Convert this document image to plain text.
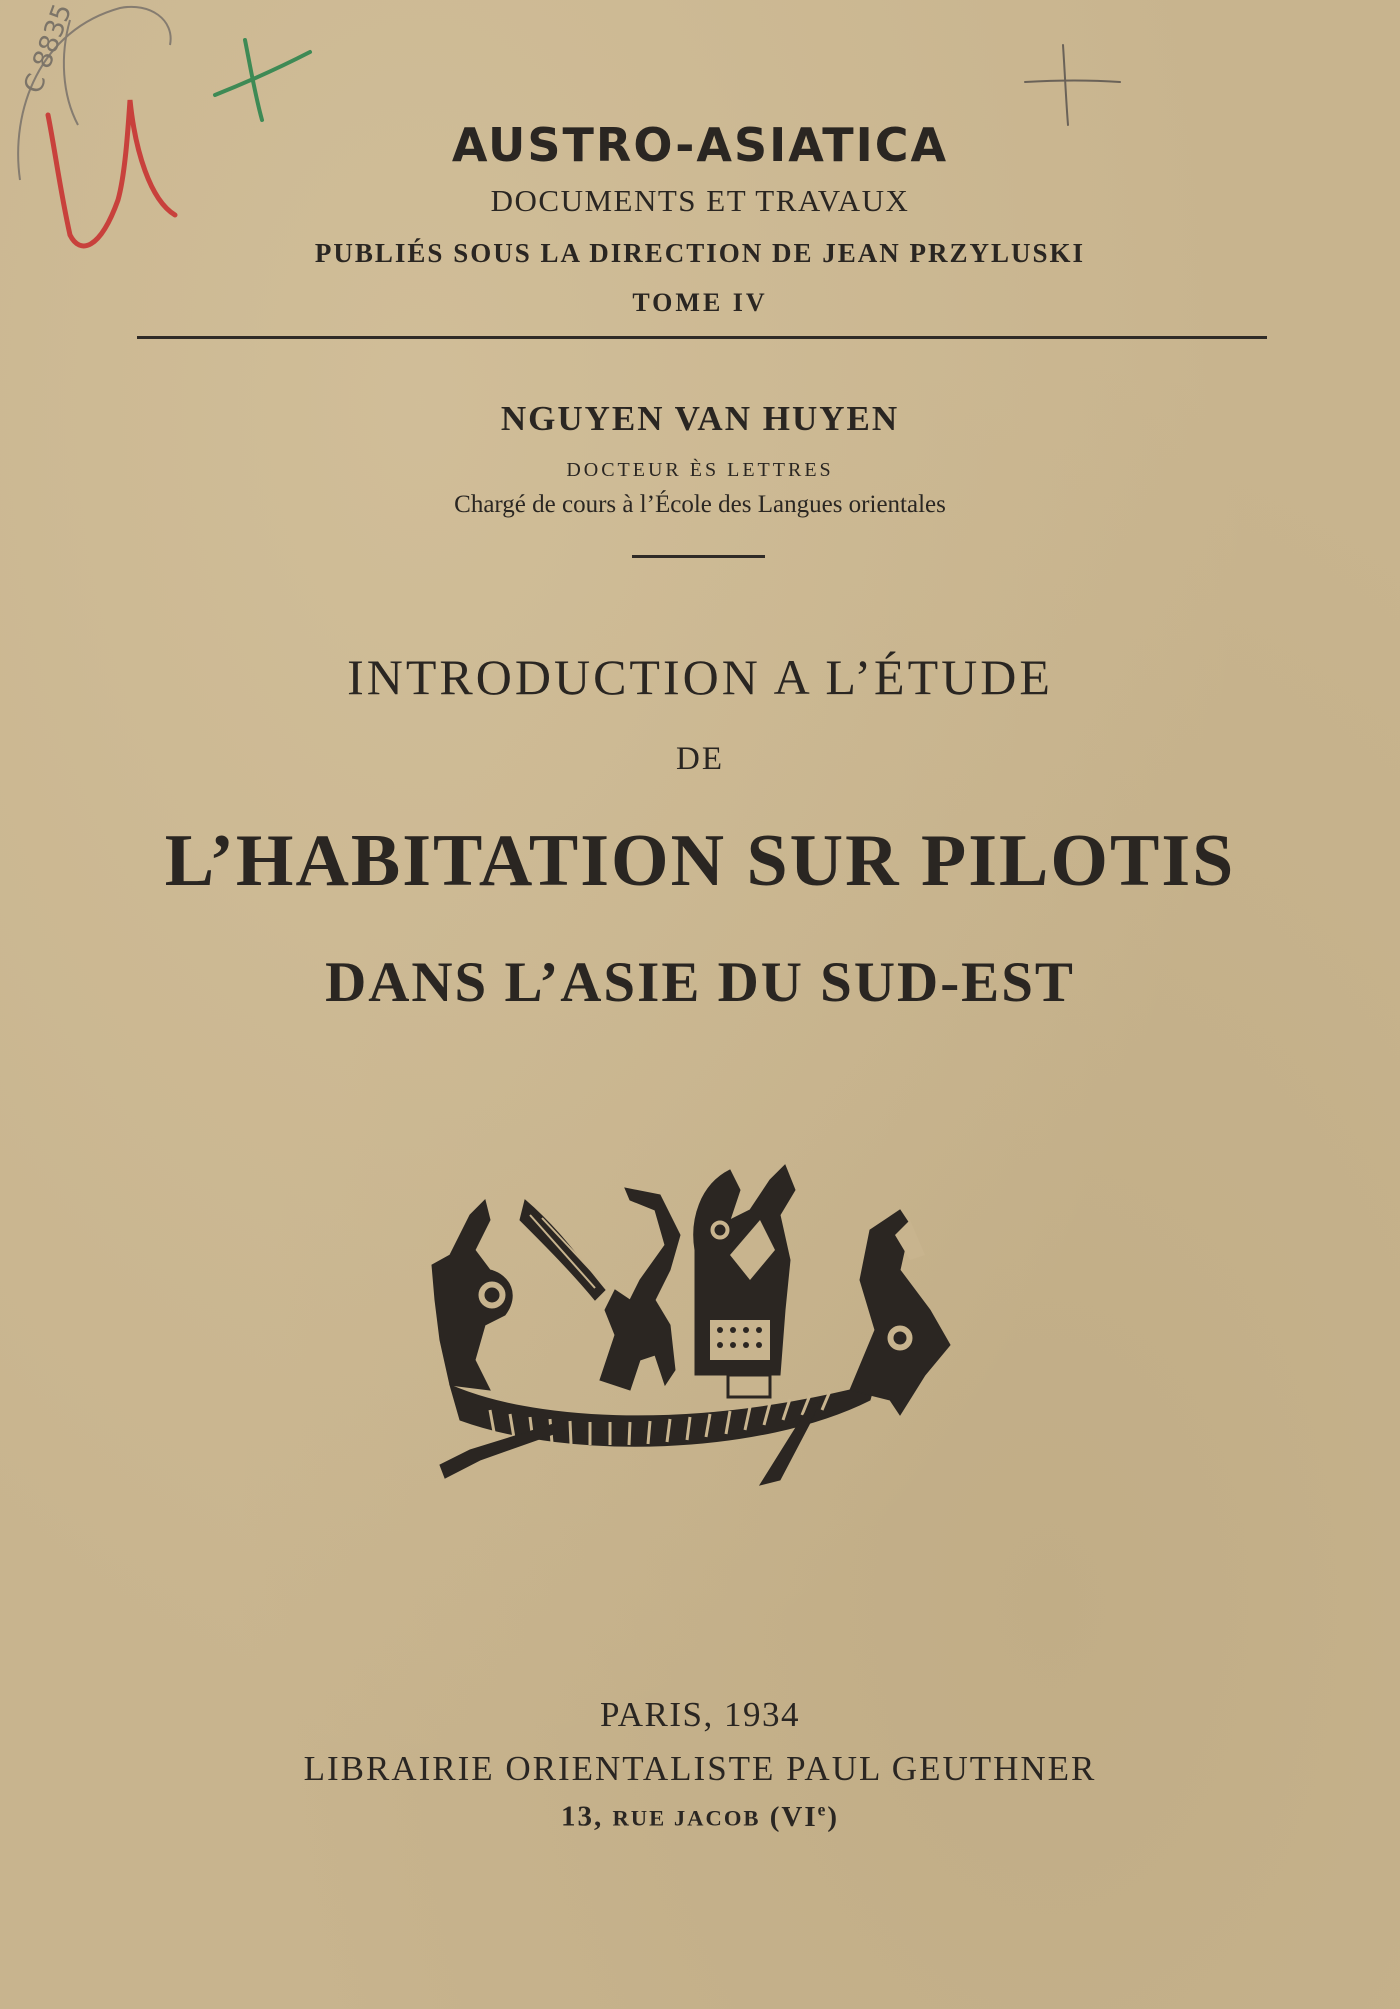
C 8835
AUSTRO-ASIATICA
DOCUMENTS ET TRAVAUX
PUBLIÉS SOUS LA DIRECTION DE JEAN PRZYLUSKI
TOME IV
NGUYEN VAN HUYEN
DOCTEUR ÈS LETTRES
Chargé de cours à l’École des Langues orientales
INTRODUCTION A L’ÉTUDE
DE
L’HABITATION SUR PILOTIS
DANS L’ASIE DU SUD-EST
PARIS, 1934
LIBRAIRIE ORIENTALISTE PAUL GEUTHNER
13, RUE JACOB (VIe)
